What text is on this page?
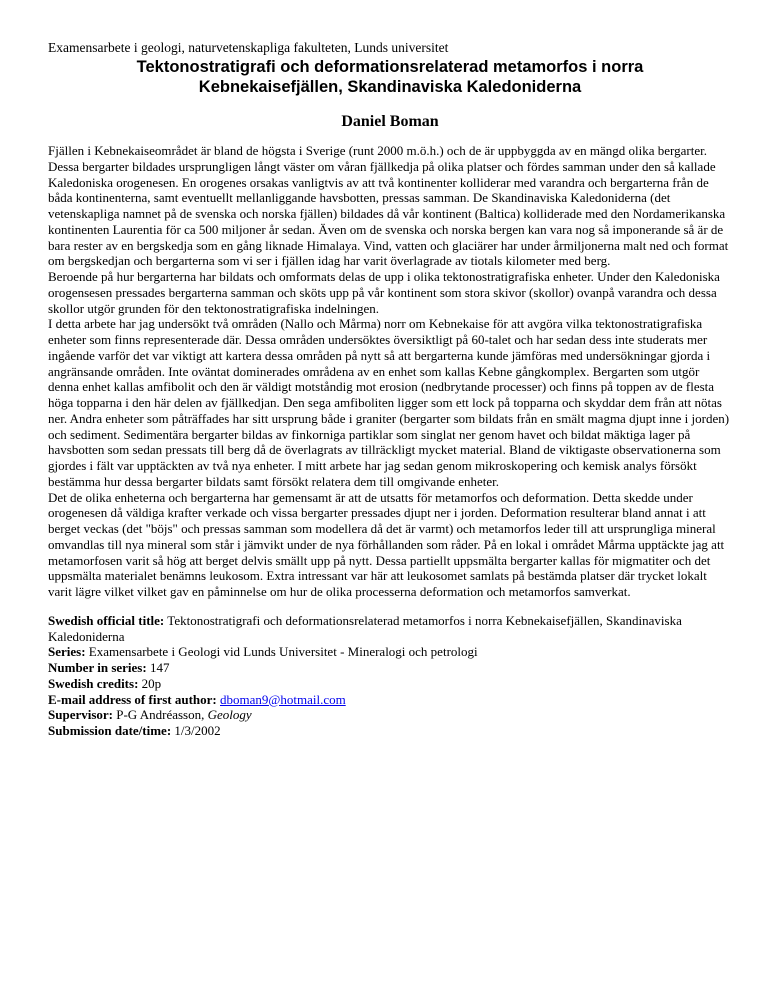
Examensarbete i geologi, naturvetenskapliga fakulteten, Lunds universitet

Tektonostratigrafi och deformationsrelaterad metamorfos i norra
Kebnekaisefjällen, Skandinaviska Kaledoniderna
Daniel Boman

Fjällen i Kebnekaiseområdet är bland de högsta i Sverige (runt 2000 m.ö.h.) och de är uppbyggda av en mängd olika bergarter. Dessa bergarter bildades ursprungligen långt väster om våran fjällkedja på olika platser och fördes samman under den så kallade Kaledoniska orogenesen. En orogenes orsakas vanligtvis av att två kontinenter kolliderar med varandra och bergarterna från de båda kontinenterna, samt eventuellt mellanliggande havsbotten, pressas samman. De Skandinaviska Kaledoniderna (det vetenskapliga namnet på de svenska och norska fjällen) bildades då vår kontinent (Baltica) kolliderade med den Nordamerikanska kontinenten Laurentia för ca 500 miljoner år sedan. Även om de svenska och norska bergen kan vara nog så imponerande så är de bara rester av en bergskedja som en gång liknade Himalaya. Vind, vatten och glaciärer har under årmiljonerna malt ned och format om bergskedjan och bergarterna som vi ser i fjällen idag har varit överlagrade av tiotals kilometer med berg.

Beroende på hur bergarterna har bildats och omformats delas de upp i olika tektonostratigrafiska enheter. Under den Kaledoniska orogensesen pressades bergarterna samman och sköts upp på vår kontinent som stora skivor (skollor) ovanpå varandra och dessa skollor utgör grunden för den tektonostratigrafiska indelningen.

I detta arbete har jag undersökt två områden (Nallo och Mårma) norr om Kebnekaise för att avgöra vilka tektonostratigrafiska enheter som finns representerade där. Dessa områden undersöktes översiktligt på 60-talet och har sedan dess inte studerats mer ingående varför det var viktigt att kartera dessa områden på nytt så att bergarterna kunde jämföras med undersökningar gjorda i angränsande områden. Inte oväntat dominerades områdena av en enhet som kallas Kebne gångkomplex. Bergarten som utgör denna enhet kallas amfibolit och den är väldigt motståndig mot erosion (nedbrytande processer) och finns på toppen av de flesta höga topparna i den här delen av fjällkedjan. Den sega amfiboliten ligger som ett lock på topparna och skyddar dem från att nötas ner. Andra enheter som påträffades har sitt ursprung både i graniter (bergarter som bildats från en smält magma djupt inne i jorden) och sediment. Sedimentära bergarter bildas av finkorniga partiklar som singlat ner genom havet och bildat mäktiga lager på havsbotten som sedan pressats till berg då de överlagrats av tillräckligt mycket material. Bland de viktigaste observationerna som gjordes i fält var upptäckten av två nya enheter. I mitt arbete har jag sedan genom mikroskopering och kemisk analys försökt bestämma hur dessa bergarter bildats samt försökt relatera dem till omgivande enheter.

Det de olika enheterna och bergarterna har gemensamt är att de utsatts för metamorfos och deformation. Detta skedde under orogenesen då väldiga krafter verkade och vissa bergarter pressades djupt ner i jorden. Deformation resulterar bland annat i att berget veckas (det "böjs" och pressas samman som modellera då det är varmt) och metamorfos leder till att ursprungliga mineral omvandlas till nya mineral som står i jämvikt under de nya förhållanden som råder. På en lokal i området Mårma upptäckte jag att metamorfosen varit så hög att berget delvis smällt upp på nytt. Dessa partiellt uppsmälta bergarter kallas för migmatiter och det uppsmälta materialet benämns leukosom. Extra intressant var här att leukosomet samlats på bestämda platser där trycket lokalt varit lägre vilket vilket gav en påminnelse om hur de olika processerna deformation och metamorfos samverkat.

Swedish official title: Tektonostratigrafi och deformationsrelaterad metamorfos i norra Kebnekaisefjällen, Skandinaviska Kaledoniderna
Series: Examensarbete i Geologi vid Lunds Universitet - Mineralogi och petrologi
Number in series: 147
Swedish credits: 20p
E-mail address of first author: dboman9@hotmail.com
Supervisor: P-G Andréasson, Geology
Submission date/time: 1/3/2002
